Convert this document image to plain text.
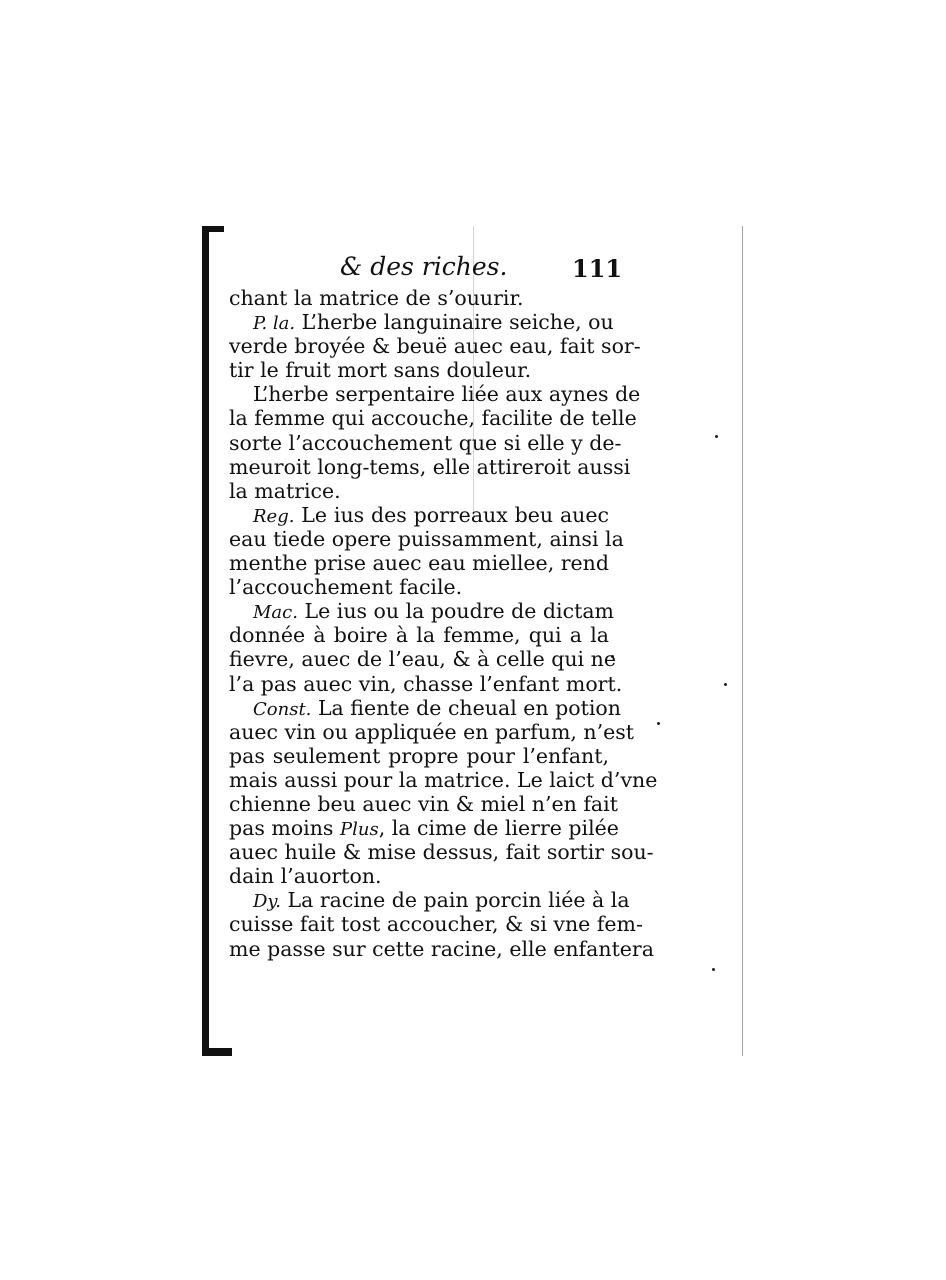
& des riches.	111
chant la matrice de s’ouurir.
P. la. L’herbe languinaire seiche, ou
verde broyée & beuë auec eau, fait sor-
tir le fruit mort sans douleur.
L’herbe serpentaire liée aux aynes de
la femme qui accouche, facilite de telle
sorte l’accouchement que si elle y de-
meuroit long-tems, elle attireroit aussi
la matrice.
Reg. Le ius des porreaux beu auec
eau tiede opere puissamment, ainsi la
menthe prise auec eau miellee, rend
l’accouchement facile.
Mac. Le ius ou la poudre de dictam
donnée à boire à la femme, qui a la
fievre, auec de l’eau, & à celle qui ne
l’a pas auec vin, chasse l’enfant mort.
Const. La fiente de cheual en potion
auec vin ou appliquée en parfum, n’est
pas seulement propre pour l’enfant,
mais aussi pour la matrice. Le laict d’vne
chienne beu auec vin & miel n’en fait
pas moins Plus, la cime de lierre pilée
auec huile & mise dessus, fait sortir sou-
dain l’auorton.
Dy. La racine de pain porcin liée à la
cuisse fait tost accoucher, & si vne fem-
me passe sur cette racine, elle enfantera
